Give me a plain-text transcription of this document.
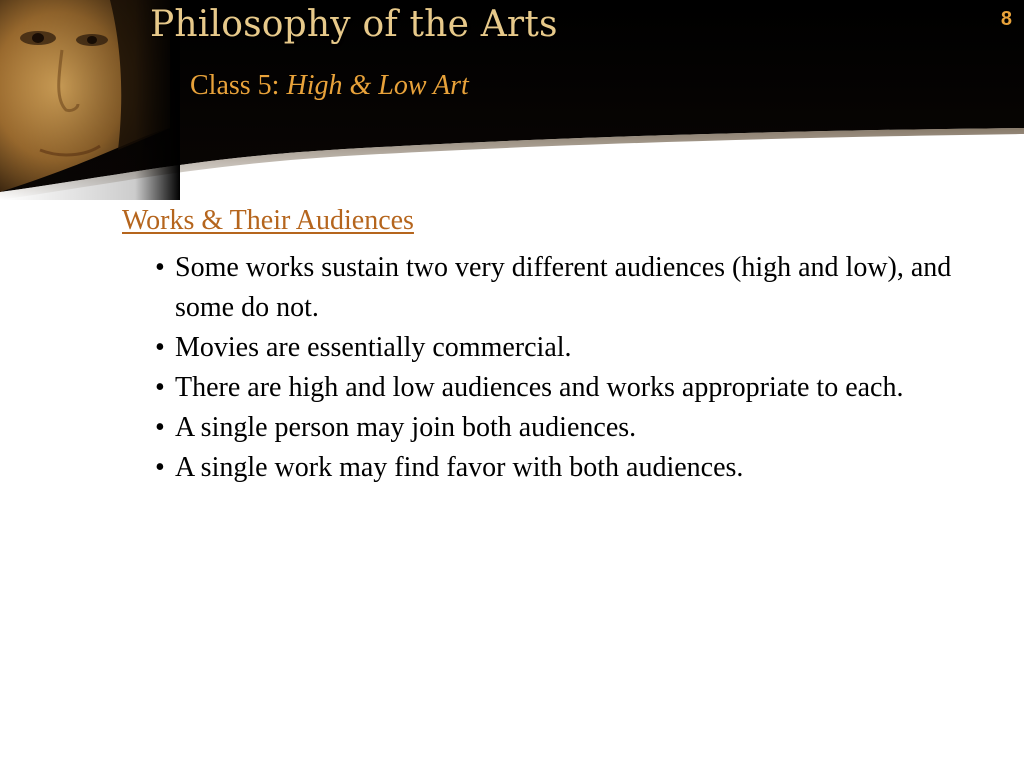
Philosophy of the Arts
Class 5: High & Low Art
8
Works & Their Audiences
• Some works sustain two very different audiences (high and low), and some do not.
• Movies are essentially commercial.
• There are high and low audiences and works appropriate to each.
• A single person may join both audiences.
• A single work may find favor with both audiences.
